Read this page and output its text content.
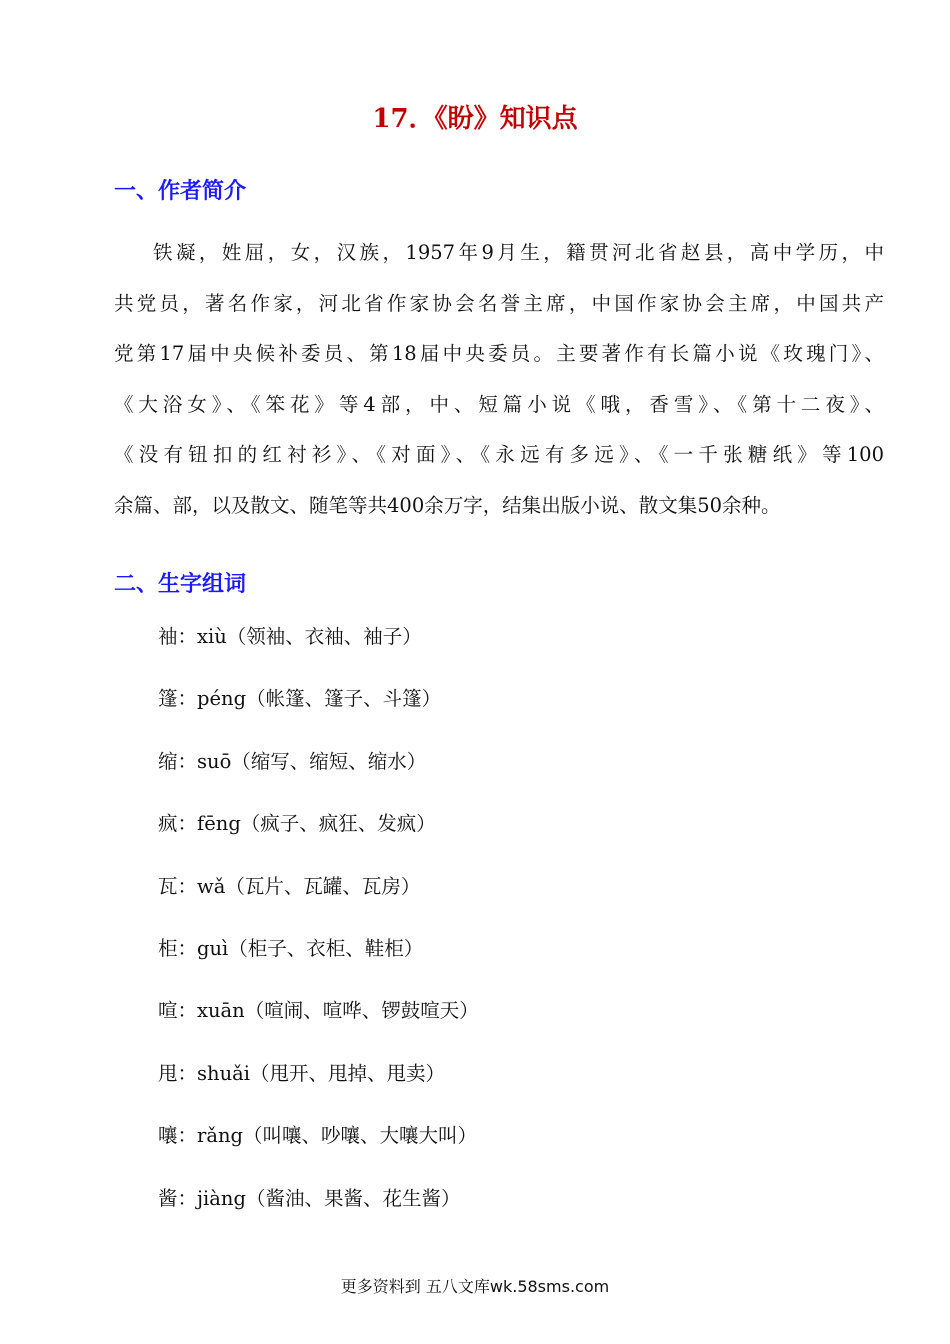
17．《盼》知识点
一、作者简介

铁凝，姓屈，女，汉族，1957年9月生，籍贯河北省赵县，高中学历，中
共党员，著名作家，河北省作家协会名誉主席，中国作家协会主席，中国共产
党第17届中央候补委员、第18届中央委员。主要著作有长篇小说《玫瑰门》、
《大浴女》、《笨花》等4部，中、短篇小说《哦，香雪》、《第十二夜》、
《没有钮扣的红衬衫》、《对面》、《永远有多远》、《一千张糖纸》等100
余篇、部，以及散文、随笔等共400余万字，结集出版小说、散文集50余种。

二、生字组词
袖：xiù（领袖、衣袖、袖子）
篷：péng（帐篷、篷子、斗篷）
缩：suō（缩写、缩短、缩水）
疯：fēng（疯子、疯狂、发疯）
瓦：wǎ（瓦片、瓦罐、瓦房）
柜：guì（柜子、衣柜、鞋柜）
喧：xuān（喧闹、喧哗、锣鼓喧天）
甩：shuǎi（甩开、甩掉、甩卖）
嚷：rǎng（叫嚷、吵嚷、大嚷大叫）
酱：jiàng（酱油、果酱、花生酱）
更多资料到 五八文库wk.58sms.com
